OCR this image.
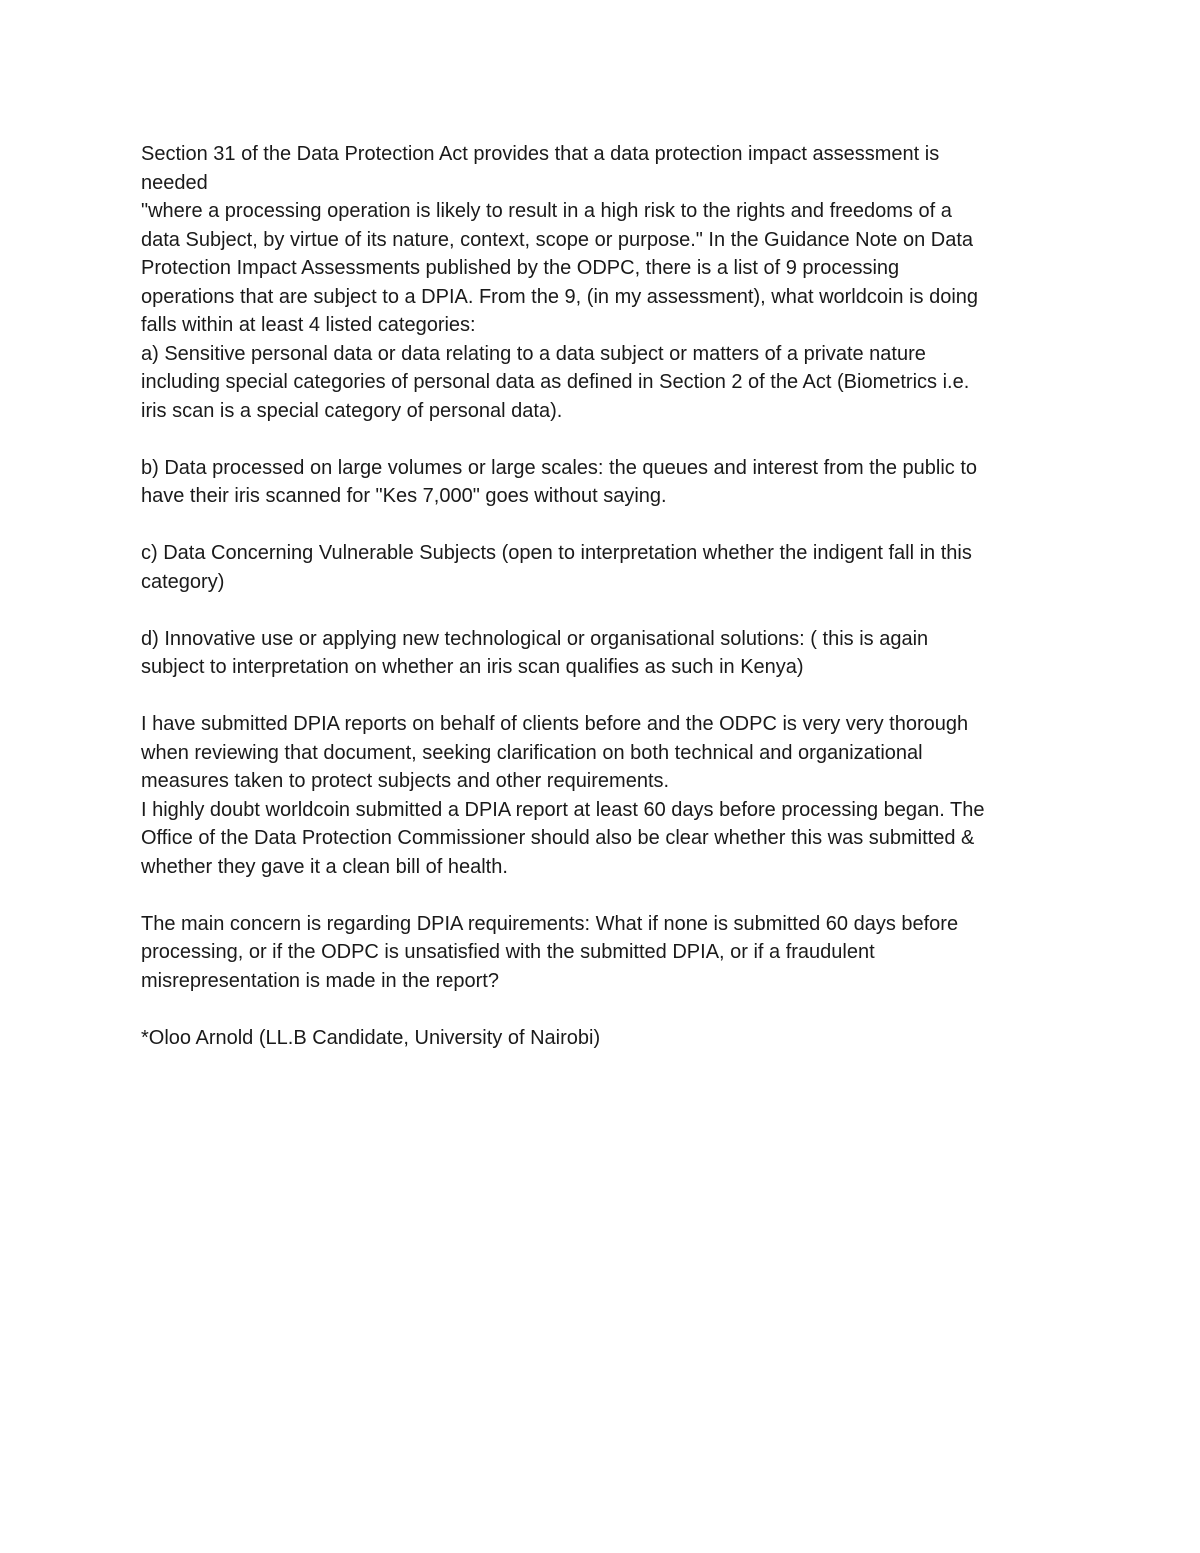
Section 31 of the Data Protection Act provides that a data protection impact assessment is
needed
"where a processing operation is likely to result in a high risk to the rights and freedoms of a
data Subject, by virtue of its nature, context, scope or purpose." In the Guidance Note on Data
Protection Impact Assessments published by the ODPC, there is a list of 9 processing
operations that are subject to a DPIA. From the 9, (in my assessment), what worldcoin is doing
falls within at least 4 listed categories:
a) Sensitive personal data or data relating to a data subject or matters of a private nature
including special categories of personal data as defined in Section 2 of the Act (Biometrics i.e.
iris scan is a special category of personal data).
b) Data processed on large volumes or large scales: the queues and interest from the public to
have their iris scanned for "Kes 7,000" goes without saying.
c) Data Concerning Vulnerable Subjects (open to interpretation whether the indigent fall in this
category)
d) Innovative use or applying new technological or organisational solutions: ( this is again
subject to interpretation on whether an iris scan qualifies as such in Kenya)
I have submitted DPIA reports on behalf of clients before and the ODPC is very very thorough
when reviewing that document, seeking clarification on both technical and organizational
measures taken to protect subjects and other requirements.
I highly doubt worldcoin submitted a DPIA report at least 60 days before processing began. The
Office of the Data Protection Commissioner should also be clear whether this was submitted &
whether they gave it a clean bill of health.
The main concern is regarding DPIA requirements: What if none is submitted 60 days before
processing, or if the ODPC is unsatisfied with the submitted DPIA, or if a fraudulent
misrepresentation is made in the report?
*Oloo Arnold (LL.B Candidate, University of Nairobi)
